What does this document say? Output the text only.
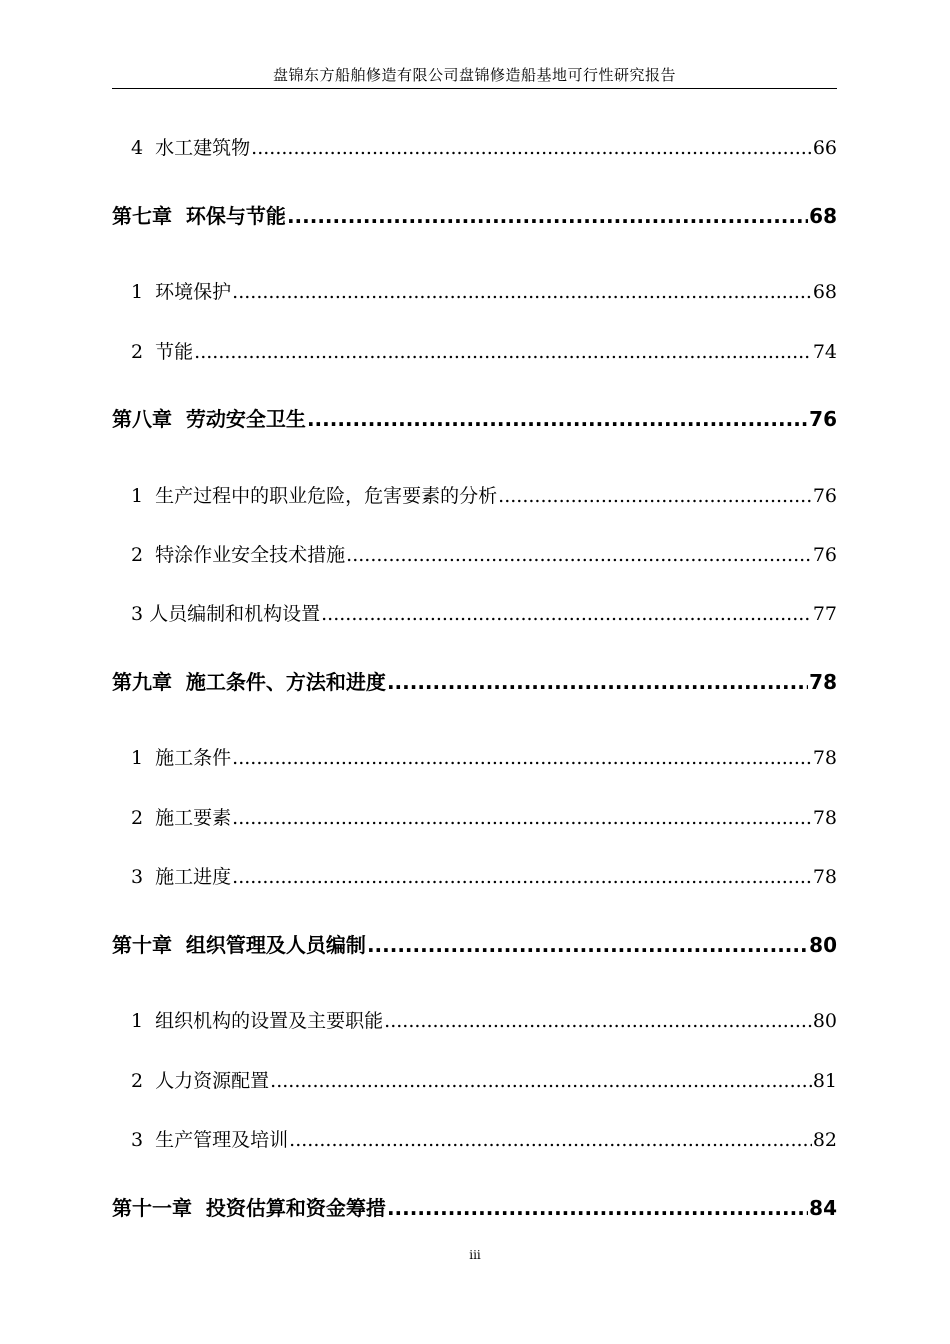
盘锦东方船舶修造有限公司盘锦修造船基地可行性研究报告
4  水工建筑物 .....	66
第七章  环保与节能 .....	68
1  环境保护 .....	68
2  节能 .....	74
第八章  劳动安全卫生 .....	76
1  生产过程中的职业危险，危害要素的分析 .....	76
2  特涂作业安全技术措施 .....	76
3 人员编制和机构设置 .....	77
第九章  施工条件、方法和进度 .....	78
1  施工条件 .....	78
2  施工要素 .....	78
3  施工进度 .....	78
第十章  组织管理及人员编制 .....	80
1  组织机构的设置及主要职能 .....	80
2  人力资源配置 .....	81
3  生产管理及培训 .....	82
第十一章  投资估算和资金筹措 .....	84
iii
